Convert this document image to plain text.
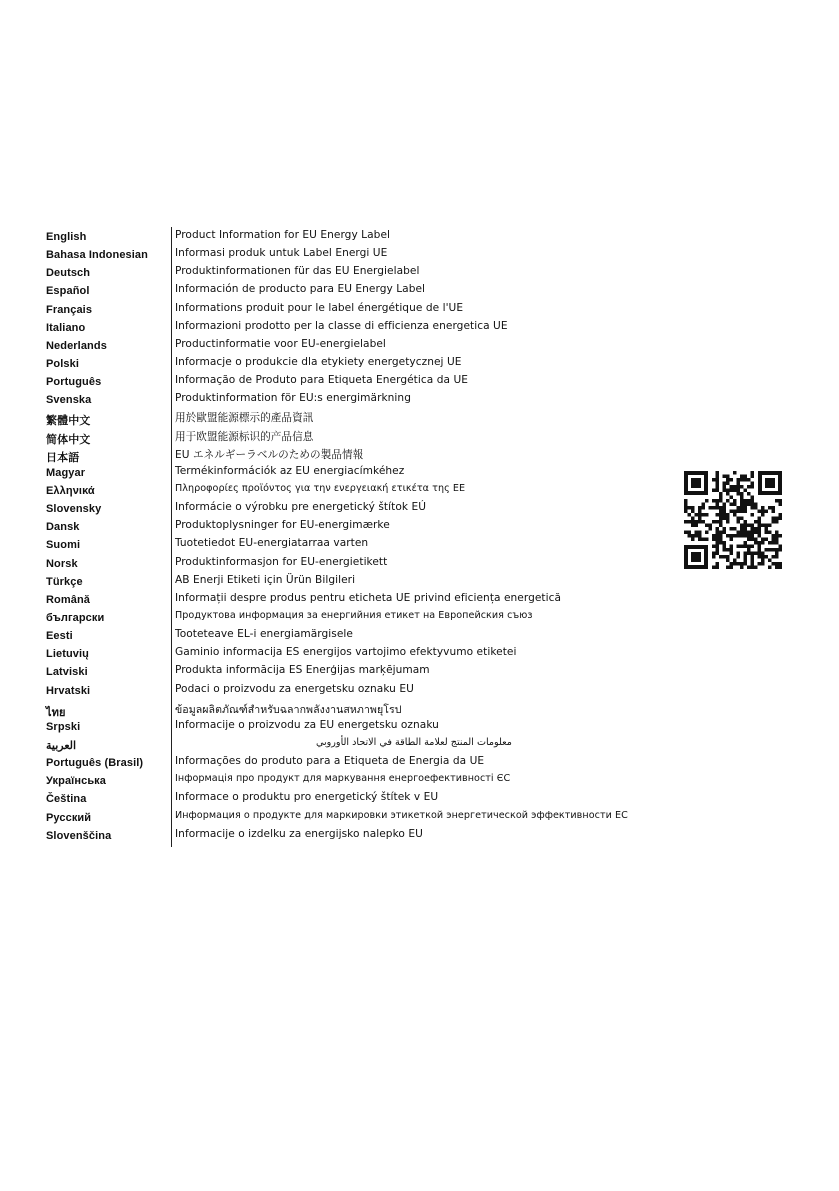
English	Product Information for EU Energy Label
Bahasa Indonesian	Informasi produk untuk Label Energi UE
Deutsch	Produktinformationen für das EU Energielabel
Español	Información de producto para EU Energy Label
Français	Informations produit pour le label énergétique de l'UE
Italiano	Informazioni prodotto per la classe di efficienza energetica UE
Nederlands	Productinformatie voor EU-energielabel
Polski	Informacje o produkcie dla etykiety energetycznej UE
Português	Informação de Produto para Etiqueta Energética da UE
Svenska	Produktinformation för EU:s energimärkning
繁體中文	用於歐盟能源標示的產品資訊
简体中文	用于欧盟能源标识的产品信息
日本語	EU エネルギーラベルのための製品情報
Magyar	Termékinformációk az EU energiacímkéhez
Ελληνικά	Πληροφορίες προϊόντος για την ενεργειακή ετικέτα της ΕΕ
Slovensky	Informácie o výrobku pre energetický štítok EÚ
Dansk	Produktoplysninger for EU-energimærke
Suomi	Tuotetiedot EU-energiatarraa varten
Norsk	Produktinformasjon for EU-energietikett
Türkçe	AB Enerji Etiketi için Ürün Bilgileri
Română	Informații despre produs pentru eticheta UE privind eficiența energetică
български	Продуктова информация за енергийния етикет на Европейския съюз
Eesti	Tooteteave EL-i energiamärgisele
Lietuvių	Gaminio informacija ES energijos vartojimo efektyvumo etiketei
Latviski	Produkta informācija ES Enerģijas marķējumam
Hrvatski	Podaci o proizvodu za energetsku oznaku EU
ไทย	ข้อมูลผลิตภัณฑ์สำหรับฉลากพลังงานสหภาพยุโรป
Srpski	Informacije o proizvodu za EU energetsku oznaku
العربية	معلومات المنتج لعلامة الطاقة في الاتحاد الأوروبي
Português (Brasil)	Informações do produto para a Etiqueta de Energia da UE
Українська	Інформація про продукт для маркування енергоефективності ЄС
Čeština	Informace o produktu pro energetický štítek v EU
Русский	Информация о продукте для маркировки этикеткой энергетической эффективности ЕС
Slovenščina	Informacije o izdelku za energijsko nalepko EU
